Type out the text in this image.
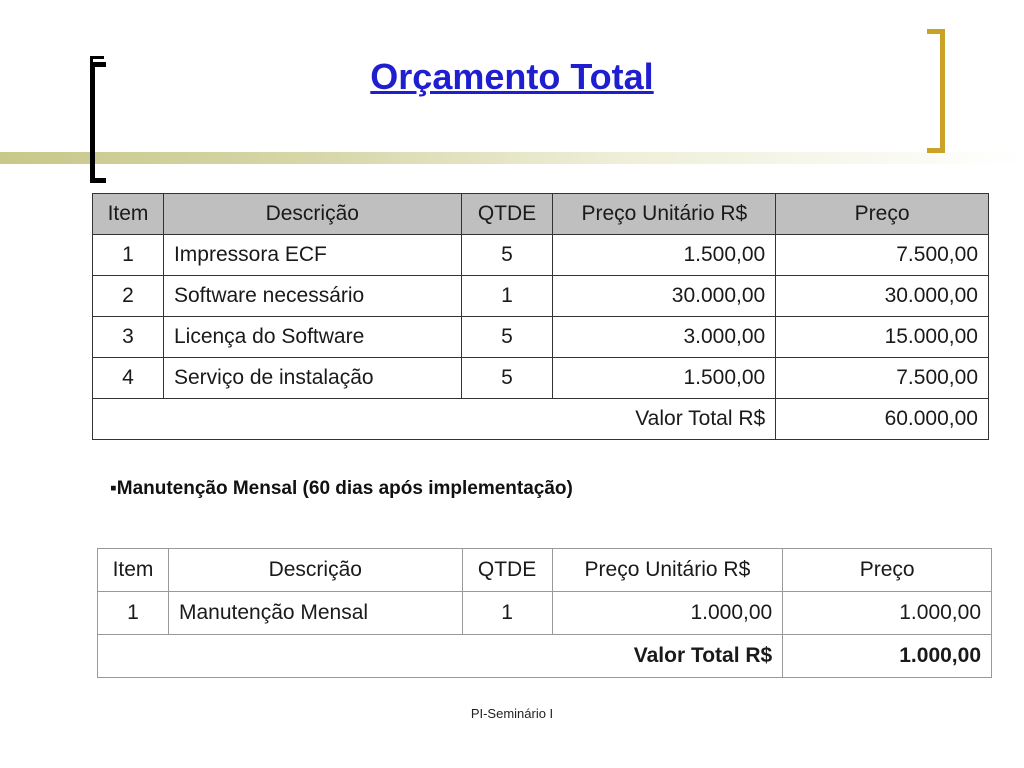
Orçamento Total
Item	Descrição	QTDE	Preço Unitário R$	Preço
1	Impressora ECF	5	1.500,00	7.500,00
2	Software necessário	1	30.000,00	30.000,00
3	Licença do Software	5	3.000,00	15.000,00
4	Serviço de instalação	5	1.500,00	7.500,00
Valor Total R$				60.000,00
▪Manutenção Mensal (60 dias após implementação)
Item	Descrição	QTDE	Preço Unitário R$	Preço
1	Manutenção Mensal	1	1.000,00	1.000,00
Valor Total R$				1.000,00
PI-Seminário I
